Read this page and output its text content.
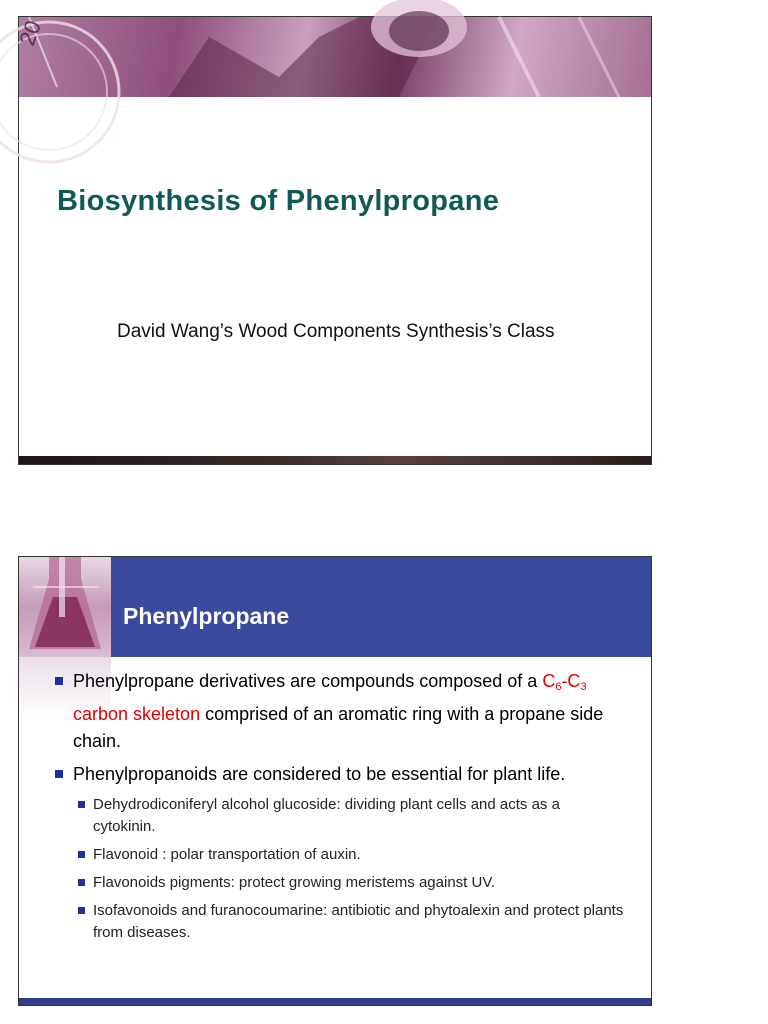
20
Biosynthesis of Phenylpropane
David Wang’s Wood Components Synthesis’s Class
Phenylpropane
Phenylpropane derivatives are compounds composed of a $C_6-C_3$ carbon skeleton comprised of an aromatic ring with a propane side chain.
Phenylpropanoids are considered to be essential for plant life.
Dehydrodiconiferyl alcohol glucoside: dividing plant cells and acts as a cytokinin.
Flavonoid : polar transportation of auxin.
Flavonoids pigments: protect growing meristems against UV.
Isofavonoids and furanocoumarine: antibiotic and phytoalexin and protect plants from diseases.
